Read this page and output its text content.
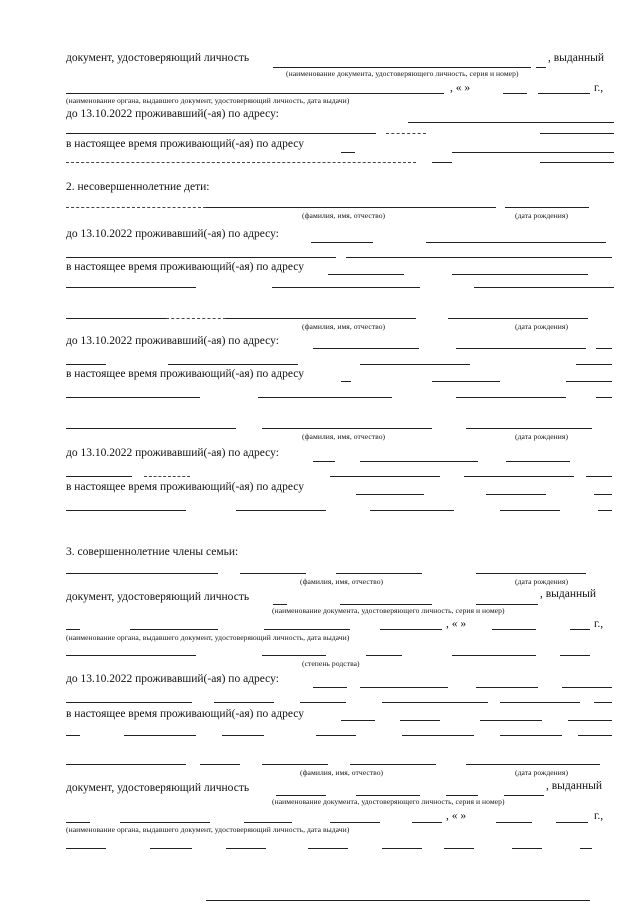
документ, удостоверяющий личность	, выданный
(наименование документа, удостоверяющего личность, серия и номер)
, « »	г.,
(наименование органа, выдавшего документ, удостоверяющий личность, дата выдачи)
до 13.10.2022 проживавший(-ая) по адресу:
в настоящее время проживающий(-ая) по адресу
2. несовершеннолетние дети:
(фамилия, имя, отчество)	(дата рождения)
до 13.10.2022 проживавший(-ая) по адресу:
в настоящее время проживающий(-ая) по адресу
(фамилия, имя, отчество)	(дата рождения)
до 13.10.2022 проживавший(-ая) по адресу:
в настоящее время проживающий(-ая) по адресу
(фамилия, имя, отчество)	(дата рождения)
до 13.10.2022 проживавший(-ая) по адресу:
в настоящее время проживающий(-ая) по адресу
3. совершеннолетние члены семьи:
(фамилия, имя, отчество)	(дата рождения)
документ, удостоверяющий личность	, выданный
(наименование документа, удостоверяющего личность, серия и номер)
, « »	г.,
(наименование органа, выдавшего документ, удостоверяющий личность, дата выдачи)
(степень родства)
до 13.10.2022 проживавший(-ая) по адресу:
в настоящее время проживающий(-ая) по адресу
(фамилия, имя, отчество)	(дата рождения)
документ, удостоверяющий личность	, выданный
(наименование документа, удостоверяющего личность, серия и номер)
, « »	г.,
(наименование органа, выдавшего документ, удостоверяющий личность, дата выдачи)
